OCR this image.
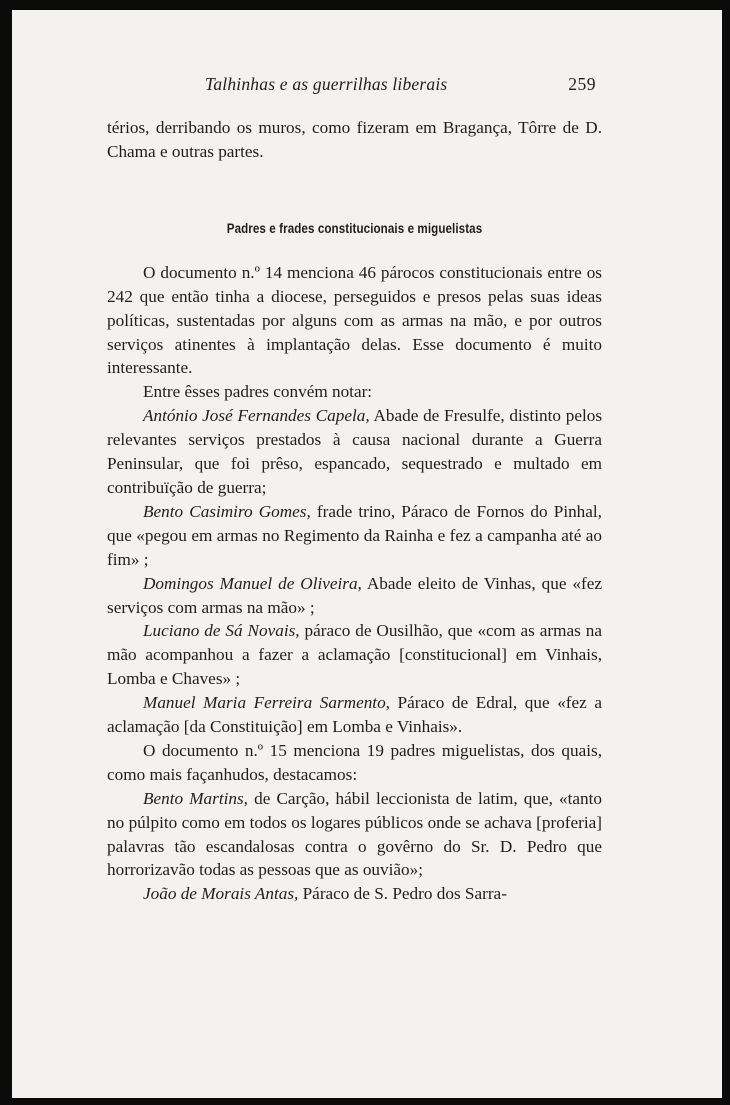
Talhinhas e as guerrilhas liberais	259

térios, derribando os muros, como fizeram em Bragança, Tôrre de D. Chama e outras partes.

Padres e frades constitucionais e miguelistas

O documento n.º 14 menciona 46 párocos constitucionais entre os 242 que então tinha a diocese, perseguidos e presos pelas suas ideas políticas, sustentadas por alguns com as armas na mão, e por outros serviços atinentes à implantação delas. Esse documento é muito interessante.

Entre êsses padres convém notar:

António José Fernandes Capela, Abade de Fresulfe, distinto pelos relevantes serviços prestados à causa nacional durante a Guerra Peninsular, que foi prêso, espancado, sequestrado e multado em contribuïção de guerra;

Bento Casimiro Gomes, frade trino, Páraco de Fornos do Pinhal, que «pegou em armas no Regimento da Rainha e fez a campanha até ao fim» ;

Domingos Manuel de Oliveira, Abade eleito de Vinhas, que «fez serviços com armas na mão» ;

Luciano de Sá Novais, páraco de Ousilhão, que «com as armas na mão acompanhou a fazer a aclamação [constitucional] em Vinhais, Lomba e Chaves» ;

Manuel Maria Ferreira Sarmento, Páraco de Edral, que «fez a aclamação [da Constituição] em Lomba e Vinhais».

O documento n.º 15 menciona 19 padres miguelistas, dos quais, como mais façanhudos, destacamos:

Bento Martins, de Carção, hábil leccionista de latim, que, «tanto no púlpito como em todos os logares públicos onde se achava [proferia] palavras tão escandalosas contra o govêrno do Sr. D. Pedro que horrorizavão todas as pessoas que as ouvião»;

João de Morais Antas, Páraco de S. Pedro dos Sarra-
